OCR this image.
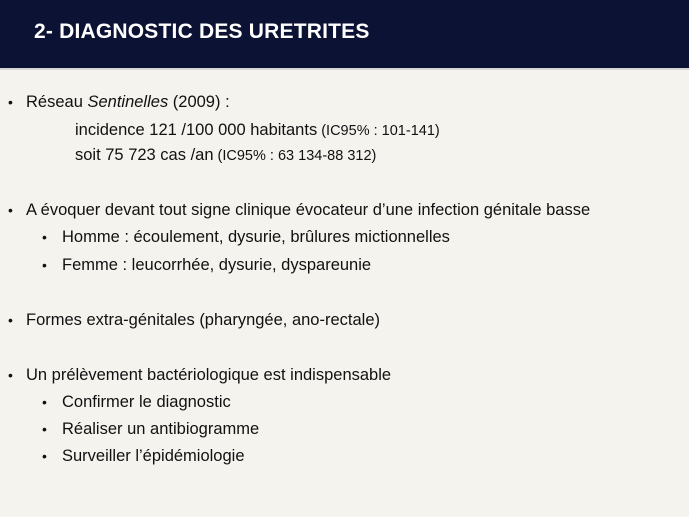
2- DIAGNOSTIC DES URETRITES
• Réseau Sentinelles (2009) :
incidence 121 /100 000 habitants (IC95% : 101-141)
soit 75 723 cas /an (IC95% : 63 134-88 312)
• A évoquer devant tout signe clinique évocateur d’une infection génitale basse
• Homme : écoulement, dysurie, brûlures mictionnelles
• Femme : leucorrhée, dysurie, dyspareunie
• Formes extra-génitales (pharyngée, ano-rectale)
• Un prélèvement bactériologique est indispensable
• Confirmer le diagnostic
• Réaliser un antibiogramme
• Surveiller l’épidémiologie
